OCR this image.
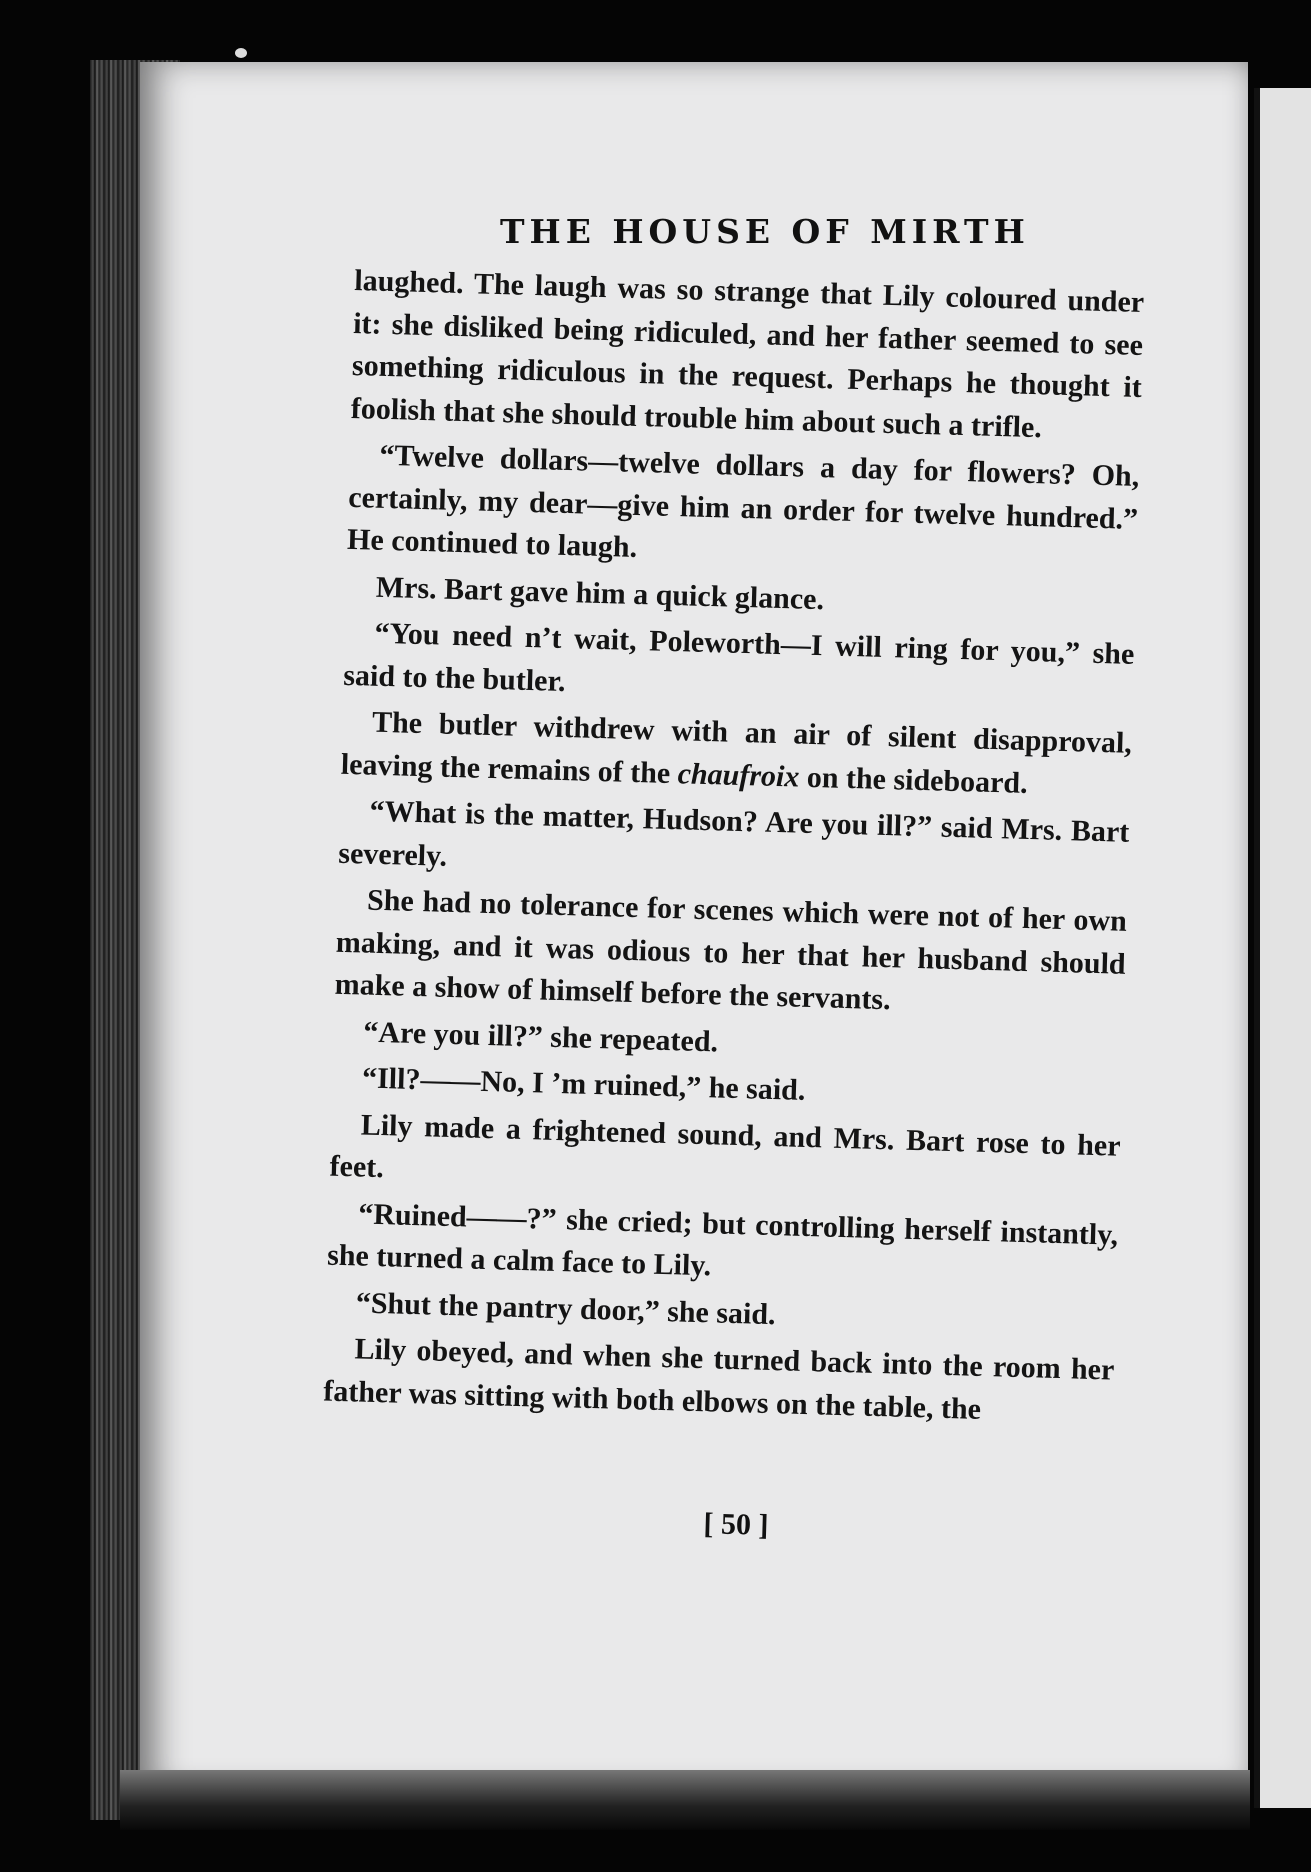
THE HOUSE OF MIRTH

laughed. The laugh was so strange that Lily coloured under it: she disliked being ridiculed, and her father seemed to see something ridiculous in the request. Perhaps he thought it foolish that she should trouble him about such a trifle.

“Twelve dollars—twelve dollars a day for flowers? Oh, certainly, my dear—give him an order for twelve hundred.” He continued to laugh.

Mrs. Bart gave him a quick glance.

“You need n’t wait, Poleworth—I will ring for you,” she said to the butler.

The butler withdrew with an air of silent disapproval, leaving the remains of the chaufroix on the sideboard.

“What is the matter, Hudson? Are you ill?” said Mrs. Bart severely.

She had no tolerance for scenes which were not of her own making, and it was odious to her that her husband should make a show of himself before the servants.

“Are you ill?” she repeated.

“Ill?——No, I ’m ruined,” he said.

Lily made a frightened sound, and Mrs. Bart rose to her feet.

“Ruined——?” she cried; but controlling herself instantly, she turned a calm face to Lily.

“Shut the pantry door,” she said.

Lily obeyed, and when she turned back into the room her father was sitting with both elbows on the table, the

[ 50 ]
